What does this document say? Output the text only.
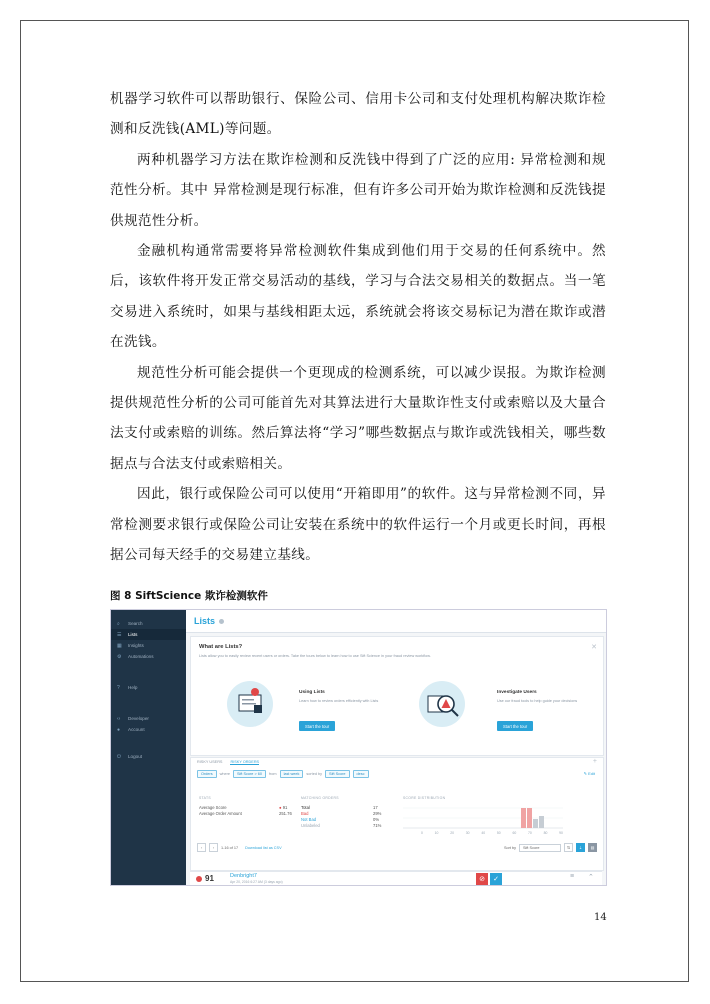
机器学习软件可以帮助银行、保险公司、信用卡公司和支付处理机构解决欺诈检测和反洗钱(AML)等问题。

两种机器学习方法在欺诈检测和反洗钱中得到了广泛的应用: 异常检测和规范性分析。其中 异常检测是现行标准，但有许多公司开始为欺诈检测和反洗钱提供规范性分析。

金融机构通常需要将异常检测软件集成到他们用于交易的任何系统中。然后，该软件将开发正常交易活动的基线，学习与合法交易相关的数据点。当一笔交易进入系统时，如果与基线相距太远，系统就会将该交易标记为潜在欺诈或潜在洗钱。

规范性分析可能会提供一个更现成的检测系统，可以减少误报。为欺诈检测提供规范性分析的公司可能首先对其算法进行大量欺诈性支付或索赔以及大量合法支付或索赔的训练。然后算法将“学习”哪些数据点与欺诈或洗钱相关，哪些数据点与合法支付或索赔相关。

因此，银行或保险公司可以使用“开箱即用”的软件。这与异常检测不同，异常检测要求银行或保险公司让安装在系统中的软件运行一个月或更长时间，再根据公司每天经手的交易建立基线。

图 8 SiftScience 欺诈检测软件
⌕	Search
☰	Lists
▦ Insights
⚙	Automations
?	Help
‹›	Developer
●	Account
⏻	Logout
Lists
What are Lists?
Lists allow you to easily review recent users or orders. Take the tours below to learn how to use Sift Science in your fraud review workflow.
✕
Using Lists
Learn how to review orders efficiently with Lists
Start the tour
Investigate Users
Use our fraud tools to help guide your decisions
Start the tour
RISKY USERS RISKY ORDERS	+
Orders	where	Sift Score > 60	from	last week	sorted by	Sift Score	desc	✎ Edit
STATS
Average Score	● 91
Average Order Amount	251.76
MATCHING ORDERS
Total	17
Bad	29%
Not Bad	0%
Unlabeled	71%
SCORE DISTRIBUTION
0	10	20	30	40	50	60	70	80	90
‹	›	1-16 of 17 Download list as CSV	Sort by	Sift Score	⇅	⇣	▤
91	Denbright7
Apr 20, 2016 6:27 AM (3 days ago)	⊘	✓	≡ ⌃
14
